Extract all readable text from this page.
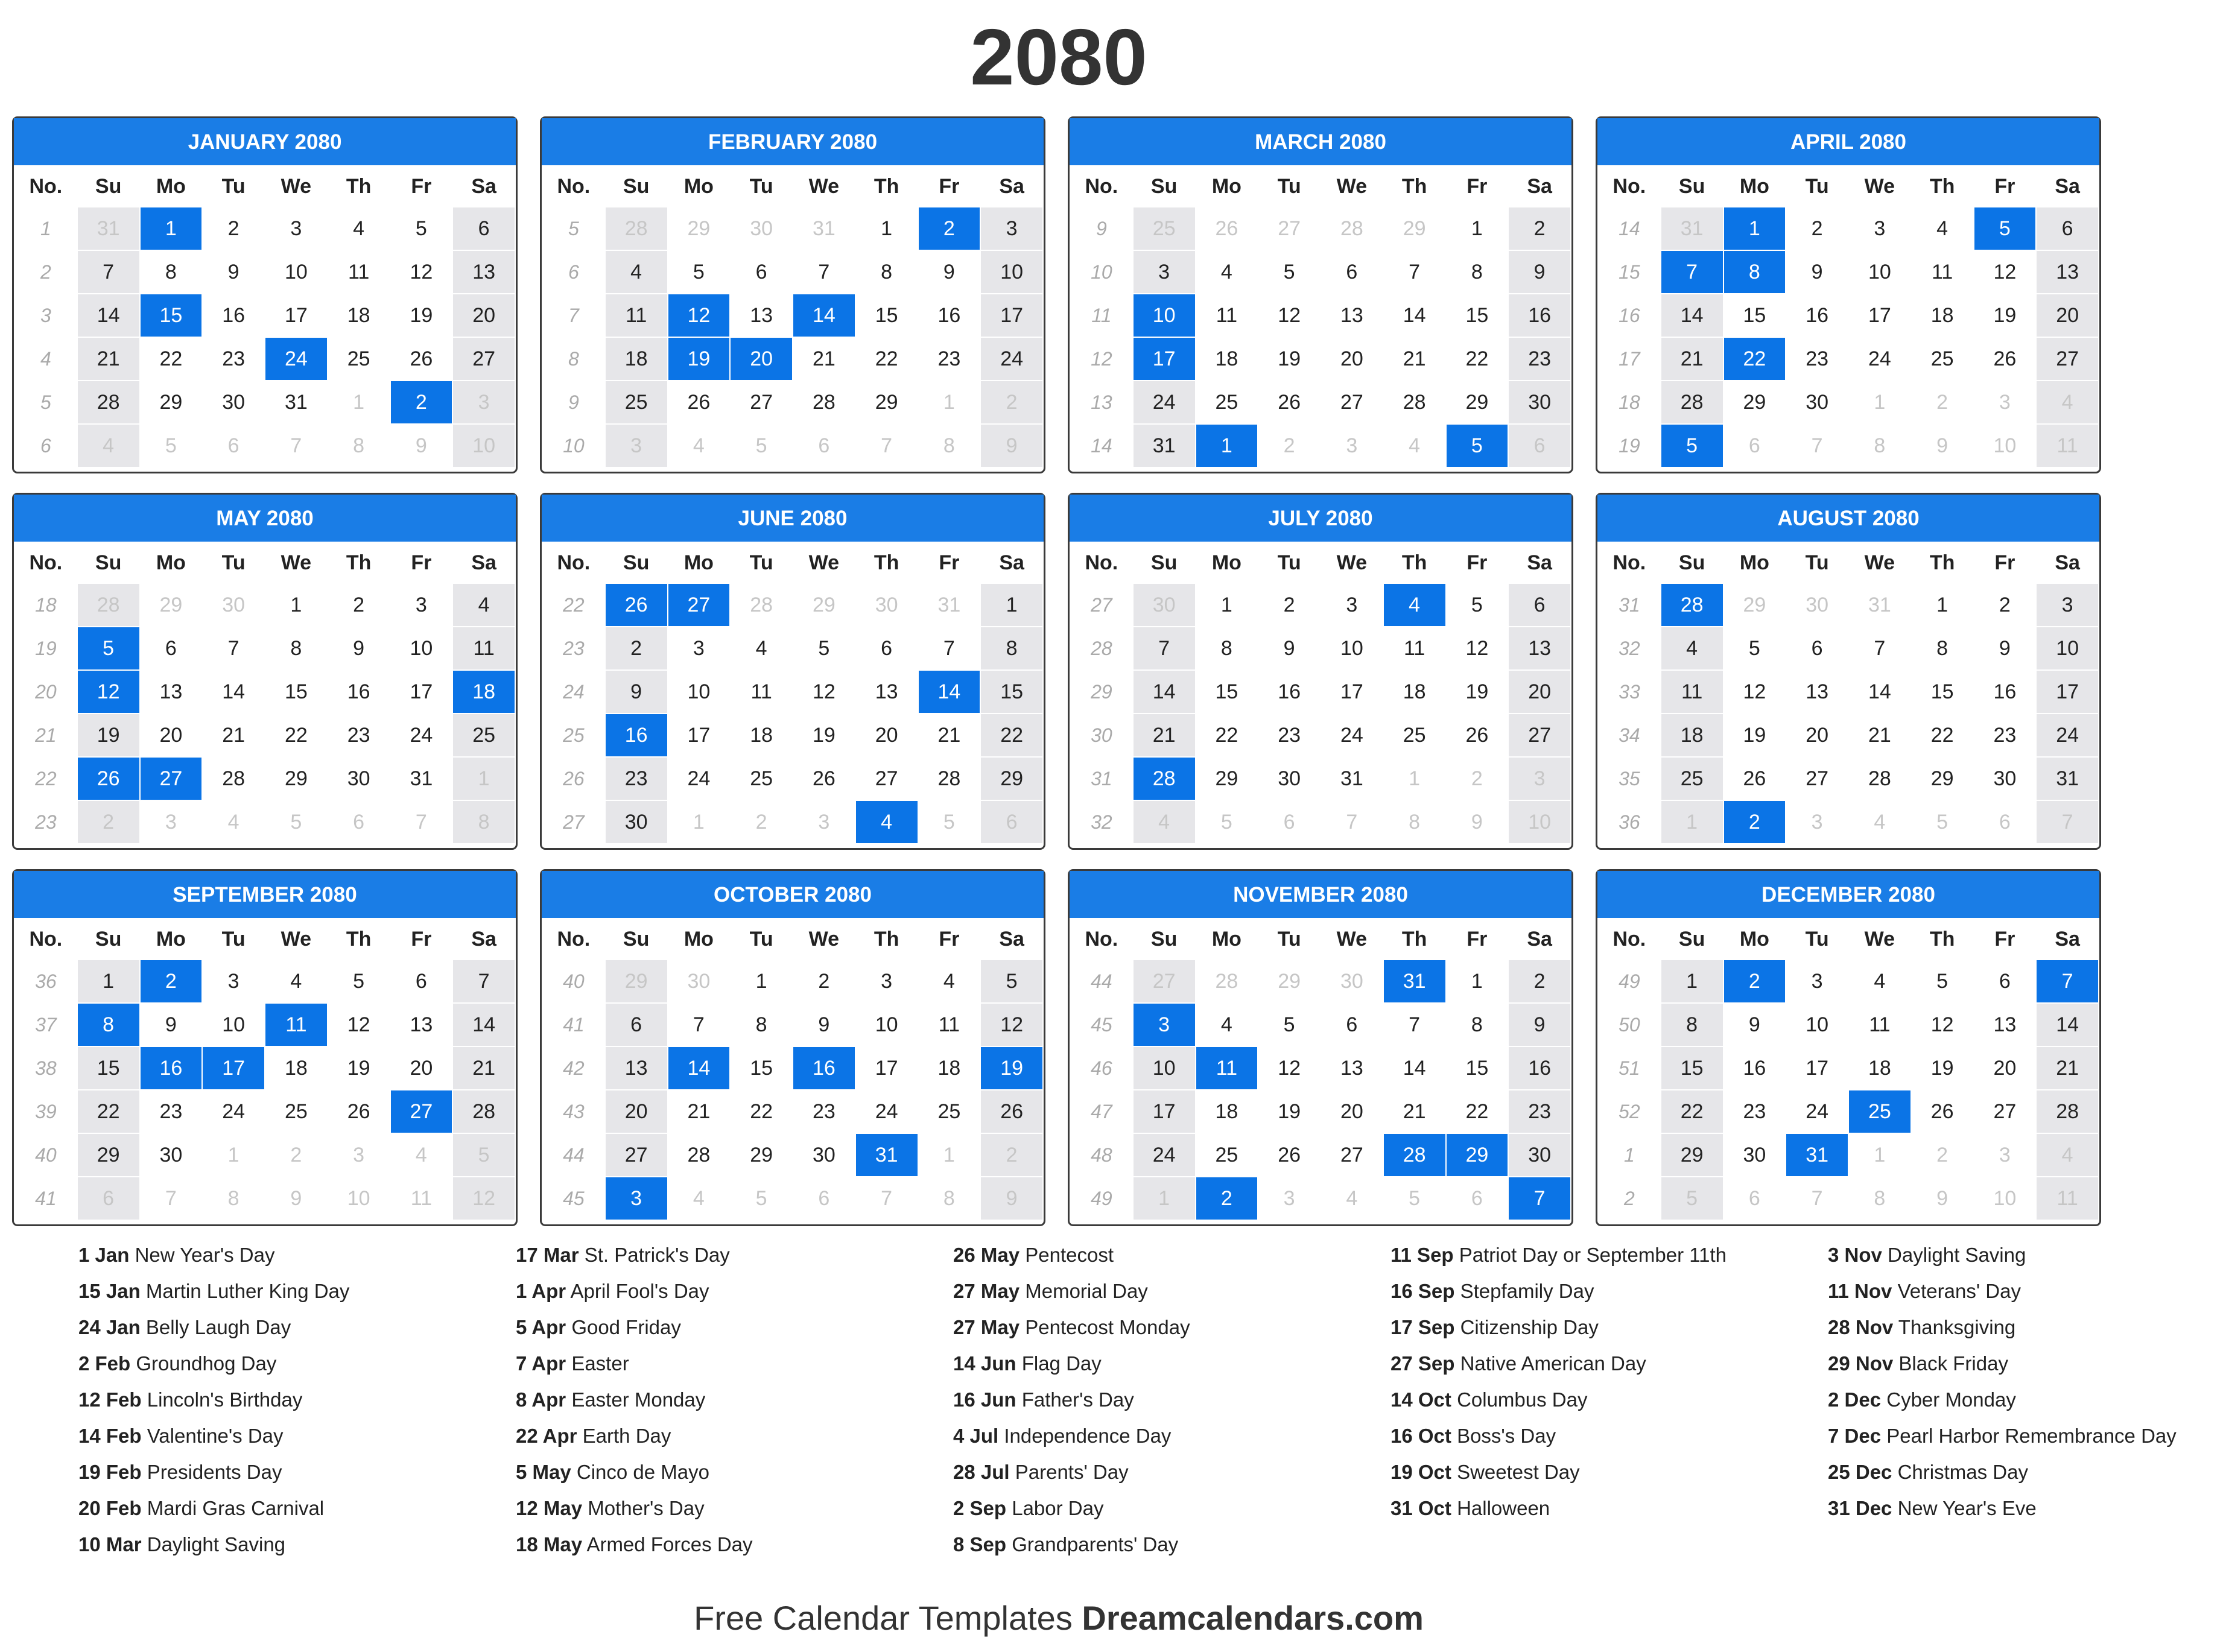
2080
JANUARY 2080
No.	Su	Mo	Tu	We	Th	Fr	Sa
1	31	1	2	3	4	5	6
2	7	8	9	10	11	12	13
3	14	15	16	17	18	19	20
4	21	22	23	24	25	26	27
5	28	29	30	31	1	2	3
6	4	5	6	7	8	9	10
FEBRUARY 2080
No.	Su	Mo	Tu	We	Th	Fr	Sa
5	28	29	30	31	1	2	3
6	4	5	6	7	8	9	10
7	11	12	13	14	15	16	17
8	18	19	20	21	22	23	24
9	25	26	27	28	29	1	2
10	3	4	5	6	7	8	9
MARCH 2080
No.	Su	Mo	Tu	We	Th	Fr	Sa
9	25	26	27	28	29	1	2
10	3	4	5	6	7	8	9
11	10	11	12	13	14	15	16
12	17	18	19	20	21	22	23
13	24	25	26	27	28	29	30
14	31	1	2	3	4	5	6
APRIL 2080
No.	Su	Mo	Tu	We	Th	Fr	Sa
14	31	1	2	3	4	5	6
15	7	8	9	10	11	12	13
16	14	15	16	17	18	19	20
17	21	22	23	24	25	26	27
18	28	29	30	1	2	3	4
19	5	6	7	8	9	10	11
MAY 2080
No.	Su	Mo	Tu	We	Th	Fr	Sa
18	28	29	30	1	2	3	4
19	5	6	7	8	9	10	11
20	12	13	14	15	16	17	18
21	19	20	21	22	23	24	25
22	26	27	28	29	30	31	1
23	2	3	4	5	6	7	8
JUNE 2080
No.	Su	Mo	Tu	We	Th	Fr	Sa
22	26	27	28	29	30	31	1
23	2	3	4	5	6	7	8
24	9	10	11	12	13	14	15
25	16	17	18	19	20	21	22
26	23	24	25	26	27	28	29
27	30	1	2	3	4	5	6
JULY 2080
No.	Su	Mo	Tu	We	Th	Fr	Sa
27	30	1	2	3	4	5	6
28	7	8	9	10	11	12	13
29	14	15	16	17	18	19	20
30	21	22	23	24	25	26	27
31	28	29	30	31	1	2	3
32	4	5	6	7	8	9	10
AUGUST 2080
No.	Su	Mo	Tu	We	Th	Fr	Sa
31	28	29	30	31	1	2	3
32	4	5	6	7	8	9	10
33	11	12	13	14	15	16	17
34	18	19	20	21	22	23	24
35	25	26	27	28	29	30	31
36	1	2	3	4	5	6	7
SEPTEMBER 2080
No.	Su	Mo	Tu	We	Th	Fr	Sa
36	1	2	3	4	5	6	7
37	8	9	10	11	12	13	14
38	15	16	17	18	19	20	21
39	22	23	24	25	26	27	28
40	29	30	1	2	3	4	5
41	6	7	8	9	10	11	12
OCTOBER 2080
No.	Su	Mo	Tu	We	Th	Fr	Sa
40	29	30	1	2	3	4	5
41	6	7	8	9	10	11	12
42	13	14	15	16	17	18	19
43	20	21	22	23	24	25	26
44	27	28	29	30	31	1	2
45	3	4	5	6	7	8	9
NOVEMBER 2080
No.	Su	Mo	Tu	We	Th	Fr	Sa
44	27	28	29	30	31	1	2
45	3	4	5	6	7	8	9
46	10	11	12	13	14	15	16
47	17	18	19	20	21	22	23
48	24	25	26	27	28	29	30
49	1	2	3	4	5	6	7
DECEMBER 2080
No.	Su	Mo	Tu	We	Th	Fr	Sa
49	1	2	3	4	5	6	7
50	8	9	10	11	12	13	14
51	15	16	17	18	19	20	21
52	22	23	24	25	26	27	28
1	29	30	31	1	2	3	4
2	5	6	7	8	9	10	11
1 Jan New Year's Day
15 Jan Martin Luther King Day
24 Jan Belly Laugh Day
2 Feb Groundhog Day
12 Feb Lincoln's Birthday
14 Feb Valentine's Day
19 Feb Presidents Day
20 Feb Mardi Gras Carnival
10 Mar Daylight Saving
17 Mar St. Patrick's Day
1 Apr April Fool's Day
5 Apr Good Friday
7 Apr Easter
8 Apr Easter Monday
22 Apr Earth Day
5 May Cinco de Mayo
12 May Mother's Day
18 May Armed Forces Day
26 May Pentecost
27 May Memorial Day
27 May Pentecost Monday
14 Jun Flag Day
16 Jun Father's Day
4 Jul Independence Day
28 Jul Parents' Day
2 Sep Labor Day
8 Sep Grandparents' Day
11 Sep Patriot Day or September 11th
16 Sep Stepfamily Day
17 Sep Citizenship Day
27 Sep Native American Day
14 Oct Columbus Day
16 Oct Boss's Day
19 Oct Sweetest Day
31 Oct Halloween
3 Nov Daylight Saving
11 Nov Veterans' Day
28 Nov Thanksgiving
29 Nov Black Friday
2 Dec Cyber Monday
7 Dec Pearl Harbor Remembrance Day
25 Dec Christmas Day
31 Dec New Year's Eve
Free Calendar Templates Dreamcalendars.com
